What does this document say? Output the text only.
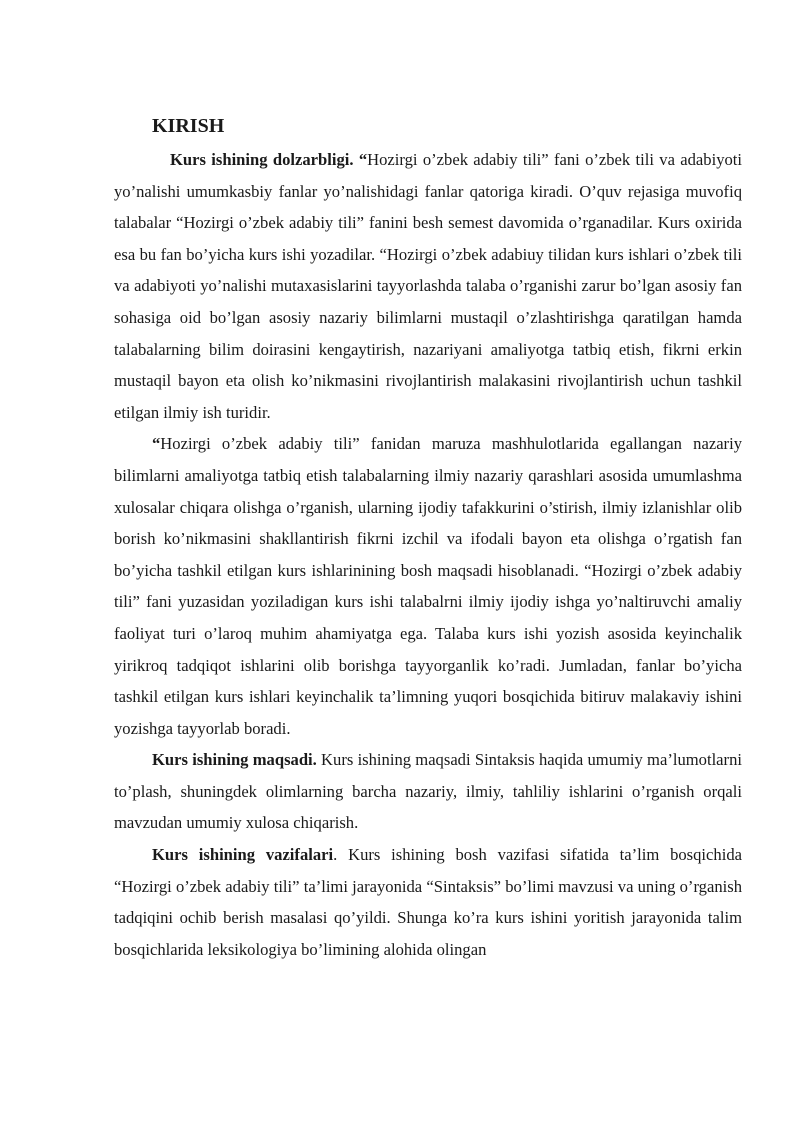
KIRISH

Kurs ishining dolzarbligi. “Hozirgi o’zbek adabiy tili” fani o’zbek tili va adabiyoti yo’nalishi umumkasbiy fanlar yo’nalishidagi fanlar qatoriga kiradi. O’quv rejasiga muvofiq talabalar “Hozirgi o’zbek adabiy tili” fanini besh semest davomida o’rganadilar. Kurs oxirida esa bu fan bo’yicha kurs ishi yozadilar. “Hozirgi o’zbek adabiuy tilidan kurs ishlari o’zbek tili va adabiyoti yo’nalishi mutaxasislarini tayyorlashda talaba o’rganishi zarur bo’lgan asosiy fan sohasiga oid bo’lgan asosiy nazariy bilimlarni mustaqil o’zlashtirishga qaratilgan hamda talabalarning bilim doirasini kengaytirish, nazariyani amaliyotga tatbiq etish, fikrni erkin mustaqil bayon eta olish ko’nikmasini rivojlantirish malakasini rivojlantirish uchun tashkil etilgan ilmiy ish turidir.

“Hozirgi o’zbek adabiy tili” fanidan maruza mashhulotlarida egallangan nazariy bilimlarni amaliyotga tatbiq etish talabalarning ilmiy nazariy qarashlari asosida umumlashma xulosalar chiqara olishga o’rganish, ularning ijodiy tafakkurini o’stirish, ilmiy izlanishlar olib borish ko’nikmasini shakllantirish fikrni izchil va ifodali bayon eta olishga o’rgatish fan bo’yicha tashkil etilgan kurs ishlarinining bosh maqsadi hisoblanadi. “Hozirgi o’zbek adabiy tili” fani yuzasidan yoziladigan kurs ishi talabalrni ilmiy ijodiy ishga yo’naltiruvchi amaliy faoliyat turi o’laroq muhim ahamiyatga ega. Talaba kurs ishi yozish asosida keyinchalik yirikroq tadqiqot ishlarini olib borishga tayyorganlik ko’radi. Jumladan, fanlar bo’yicha tashkil etilgan kurs ishlari keyinchalik ta’limning yuqori bosqichida bitiruv malakaviy ishini yozishga tayyorlab boradi.

Kurs ishining maqsadi. Kurs ishining maqsadi Sintaksis haqida umumiy ma’lumotlarni to’plash, shuningdek olimlarning barcha nazariy, ilmiy, tahliliy ishlarini o’rganish orqali mavzudan umumiy xulosa chiqarish.

Kurs ishining vazifalari. Kurs ishining bosh vazifasi sifatida ta’lim bosqichida “Hozirgi o’zbek adabiy tili” ta’limi jarayonida “Sintaksis” bo’limi mavzusi va uning o’rganish tadqiqini ochib berish masalasi qo’yildi. Shunga ko’ra kurs ishini yoritish jarayonida talim bosqichlarida leksikologiya bo’limining alohida olingan
